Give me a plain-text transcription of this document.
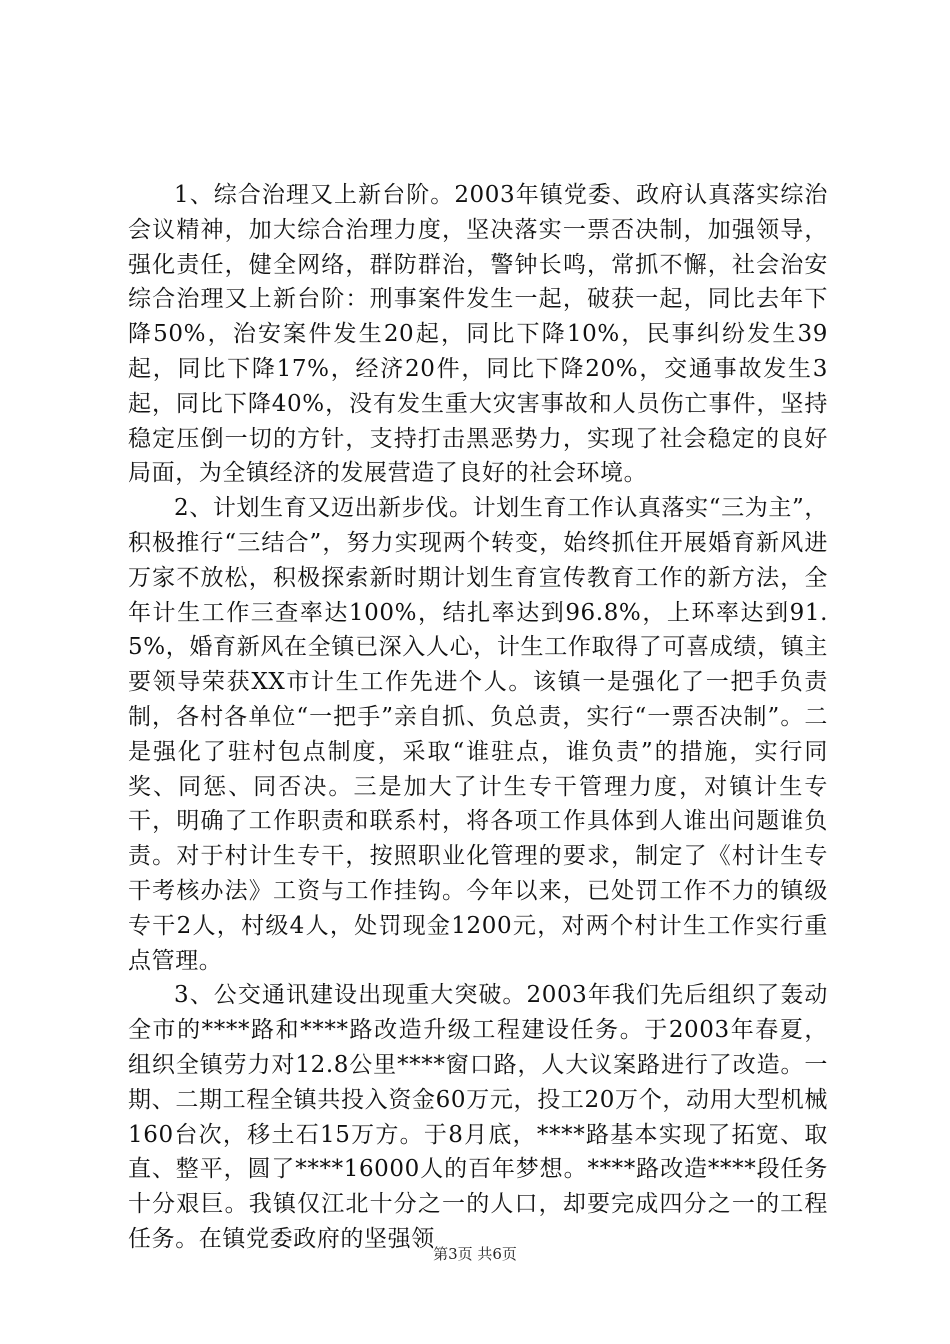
1、综合治理又上新台阶。2003年镇党委、政府认真落实综治会议精神，加大综合治理力度，坚决落实一票否决制，加强领导，强化责任，健全网络，群防群治，警钟长鸣，常抓不懈，社会治安综合治理又上新台阶：刑事案件发生一起，破获一起，同比去年下降50%，治安案件发生20起，同比下降10%，民事纠纷发生39起，同比下降17%，经济20件，同比下降20%，交通事故发生3起，同比下降40%，没有发生重大灾害事故和人员伤亡事件，坚持稳定压倒一切的方针，支持打击黑恶势力，实现了社会稳定的良好局面，为全镇经济的发展营造了良好的社会环境。

2、计划生育又迈出新步伐。计划生育工作认真落实“三为主”，积极推行“三结合”，努力实现两个转变，始终抓住开展婚育新风进万家不放松，积极探索新时期计划生育宣传教育工作的新方法，全年计生工作三查率达100%，结扎率达到96.8%，上环率达到91.5%，婚育新风在全镇已深入人心，计生工作取得了可喜成绩，镇主要领导荣获XX市计生工作先进个人。该镇一是强化了一把手负责制，各村各单位“一把手”亲自抓、负总责，实行“一票否决制”。二是强化了驻村包点制度，采取“谁驻点，谁负责”的措施，实行同奖、同惩、同否决。三是加大了计生专干管理力度，对镇计生专干，明确了工作职责和联系村，将各项工作具体到人谁出问题谁负责。对于村计生专干，按照职业化管理的要求，制定了《村计生专干考核办法》工资与工作挂钩。今年以来，已处罚工作不力的镇级专干2人，村级4人，处罚现金1200元，对两个村计生工作实行重点管理。

3、公交通讯建设出现重大突破。2003年我们先后组织了轰动全市的****路和****路改造升级工程建设任务。于2003年春夏，组织全镇劳力对12.8公里****窗口路，人大议案路进行了改造。一期、二期工程全镇共投入资金60万元，投工20万个，动用大型机械160台次，移土石15万方。于8月底，****路基本实现了拓宽、取直、整平，圆了****16000人的百年梦想。****路改造****段任务十分艰巨。我镇仅江北十分之一的人口，却要完成四分之一的工程任务。在镇党委政府的坚强领

第3页 共6页
